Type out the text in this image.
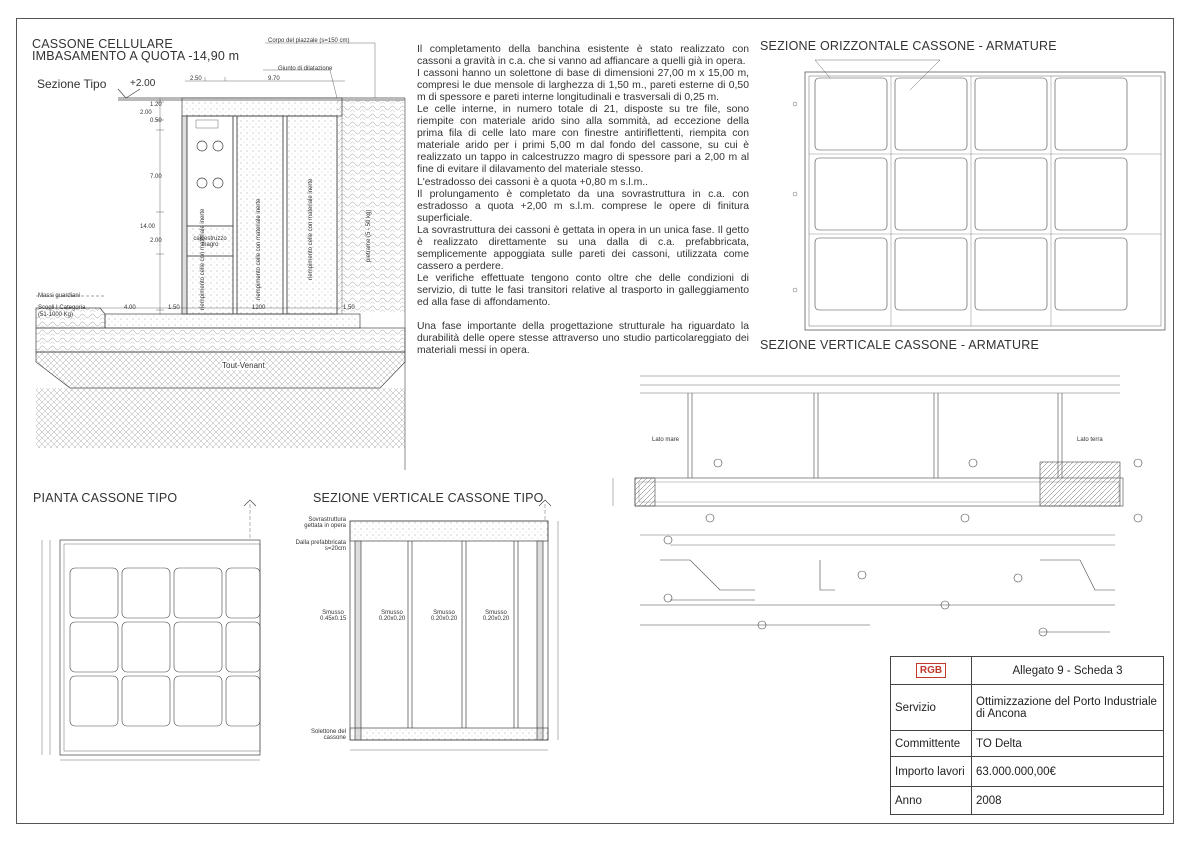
CASSONE CELLULARE
IMBASAMENTO A QUOTA -14,90 m
Sezione Tipo
SEZIONE ORIZZONTALE CASSONE - ARMATURE
SEZIONE VERTICALE CASSONE - ARMATURE
PIANTA CASSONE TIPO	SEZIONE VERTICALE CASSONE TIPO

Il completamento della banchina esistente è stato realizzato con cassoni a gravità in c.a. che si vanno ad affiancare a quelli già in opera.

I cassoni hanno un solettone di base di dimensioni 27,00 m x 15,00 m, compresi le due mensole di larghezza di 1,50 m., pareti esterne di 0,50 m di spessore e pareti interne longitudinali e trasversali di 0,25 m.

Le celle interne, in numero totale di 21, disposte su tre file, sono riempite con materiale arido sino alla sommità, ad eccezione della prima fila di celle lato mare con finestre antiriflettenti, riempita con materiale arido per i primi 5,00 m dal fondo del cassone, su cui è realizzato un tappo in calcestruzzo magro di spessore pari a 2,00 m al fine di evitare il dilavamento del materiale stesso.

L'estradosso dei cassoni è a quota +0,80 m s.l.m..

Il prolungamento è completato da una sovrastruttura in c.a. con estradosso a quota +2,00 m s.l.m. comprese le opere di finitura superficiale.

La sovrastruttura dei cassoni è gettata in opera in un unica fase. Il getto è realizzato direttamente su una dalla di c.a. prefabbricata, semplicemente appoggiata sulle pareti dei cassoni, utilizzata come cassero a perdere.

Le verifiche effettuate tengono conto oltre che delle condizioni di servizio, di tutte le fasi transitori relative al trasporto in galleggiamento ed alla fase di affondamento.

Una fase importante della progettazione strutturale ha riguardato la durabilità delle opere stesse attraverso uno studio particolareggiato dei materiali messi in opera.

Corpo del piazzale (s=150 cm)
Giunto di dilatazione
+2.00	2.50	9.70
1.20
2.00
0.50
7.00
14.00
2.00	calcestruzzo magro
riempimento celle con materiale inerte	riempimento celle con materiale inerte	riempimento celle con materiale inerte	pietrame (5 - 50 kg)
Massi guardiani
Scogli I Categoria
(51-1000 Kg)
4.00	1.50	1200	1.50
Tout-Venant
Sovrastruttura gettata in opera
Dalla prefabbricata s=20cm
Smusso 0.45x0.15
Smusso 0.20x0.20
Smusso 0.20x0.20
Smusso 0.20x0.20
Solettone del cassone
Lato mare	Lato terra
RGB	Allegato 9 - Scheda 3
Servizio	Ottimizzazione del Porto Industriale di Ancona
Committente	TO Delta
Importo lavori	63.000.000,00€
Anno	2008
